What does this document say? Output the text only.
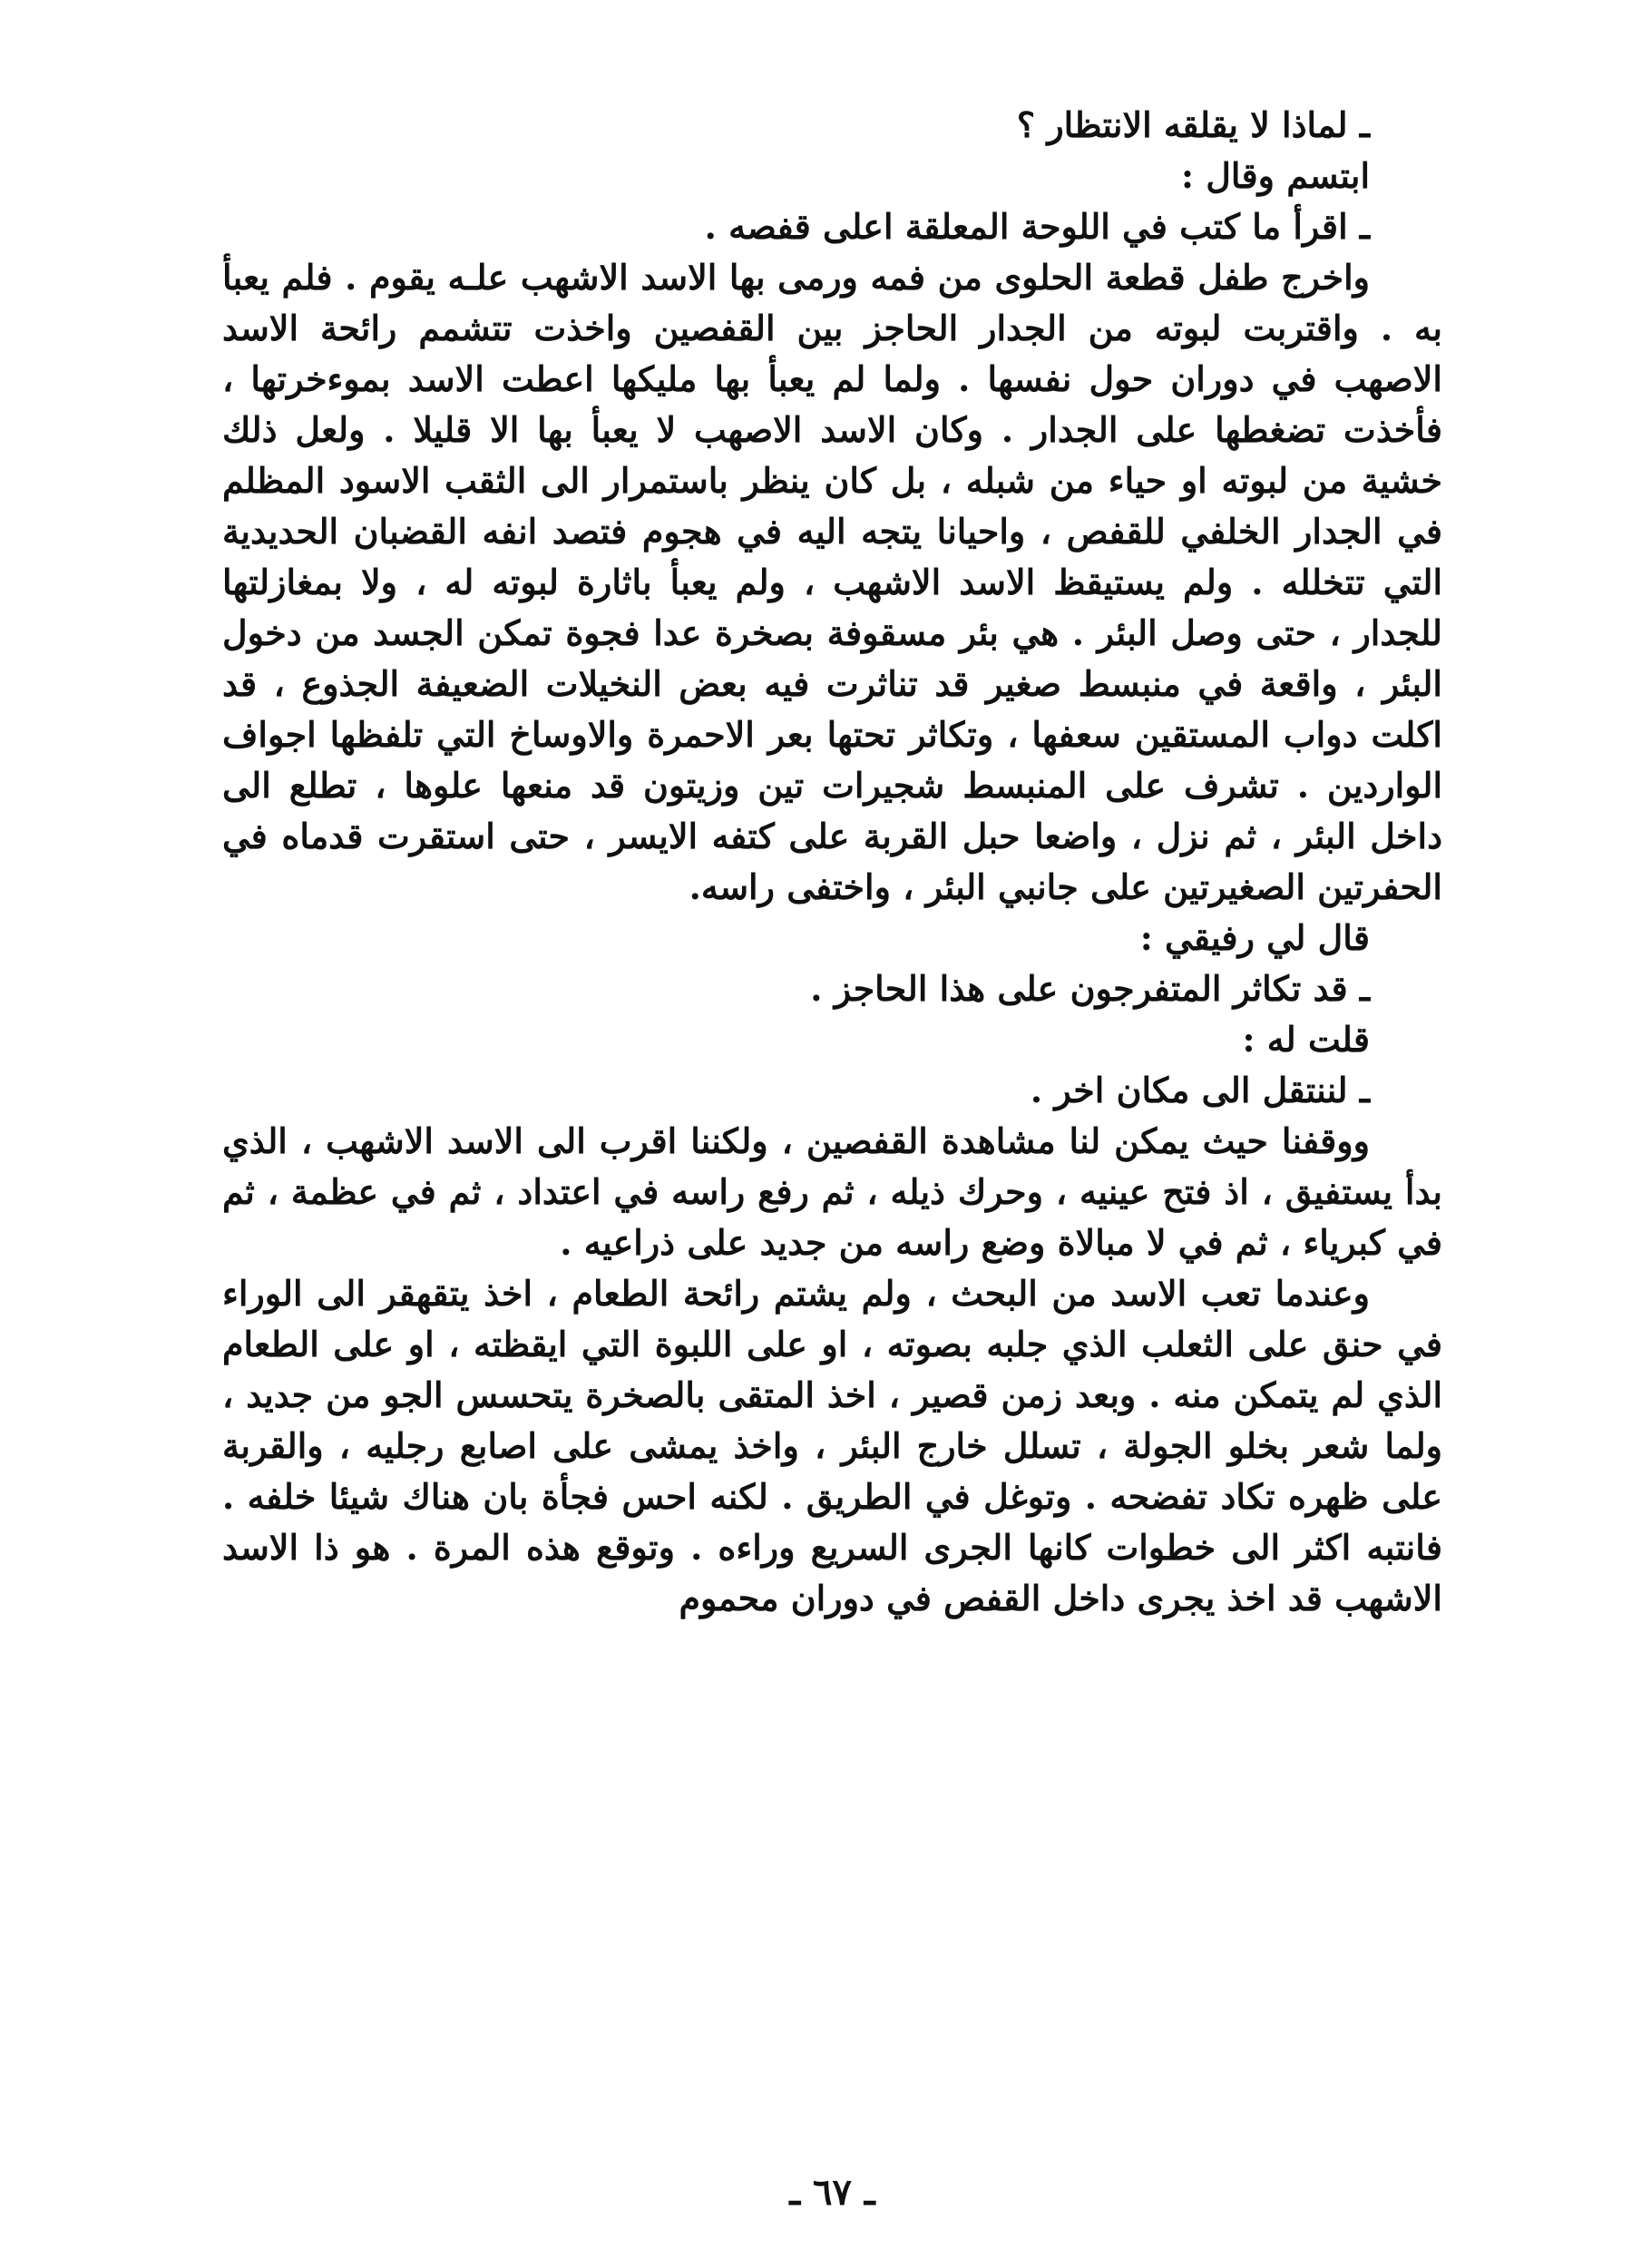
ـ لماذا لا يقلقه الانتظار ؟

ابتسم وقال :

ـ اقرأ ما كتب في اللوحة المعلقة اعلى قفصه .

واخرج طفل قطعة الحلوى من فمه ورمى بها الاسد الاشهب علـه يقوم . فلم يعبأ به . واقتربت لبوته من الجدار الحاجز بين القفصين واخذت تتشمم رائحة الاسد الاصهب في دوران حول نفسها . ولما لم يعبأ بها مليكها اعطت الاسد بموءخرتها ، فأخذت تضغطها على الجدار . وكان الاسد الاصهب لا يعبأ بها الا قليلا . ولعل ذلك خشية من لبوته او حياء من شبله ، بل كان ينظر باستمرار الى الثقب الاسود المظلم في الجدار الخلفي للقفص ، واحيانا يتجه اليه في هجوم فتصد انفه القضبان الحديدية التي تتخلله . ولم يستيقظ الاسد الاشهب ، ولم يعبأ باثارة لبوته له ، ولا بمغازلتها للجدار ، حتى وصل البئر . هي بئر مسقوفة بصخرة عدا فجوة تمكن الجسد من دخول البئر ، واقعة في منبسط صغير قد تناثرت فيه بعض النخيلات الضعيفة الجذوع ، قد اكلت دواب المستقين سعفها ، وتكاثر تحتها بعر الاحمرة والاوساخ التي تلفظها اجواف الواردين . تشرف على المنبسط شجيرات تين وزيتون قد منعها علوها ، تطلع الى داخل البئر ، ثم نزل ، واضعا حبل القربة على كتفه الايسر ، حتى استقرت قدماه في الحفرتين الصغيرتين على جانبي البئر ، واختفى راسه.

قال لي رفيقي :

ـ قد تكاثر المتفرجون على هذا الحاجز .

قلت له :

ـ لننتقل الى مكان اخر .

ووقفنا حيث يمكن لنا مشاهدة القفصين ، ولكننا اقرب الى الاسد الاشهب ، الذي بدأ يستفيق ، اذ فتح عينيه ، وحرك ذيله ، ثم رفع راسه في اعتداد ، ثم في عظمة ، ثم في كبرياء ، ثم في لا مبالاة وضع راسه من جديد على ذراعيه .

وعندما تعب الاسد من البحث ، ولم يشتم رائحة الطعام ، اخذ يتقهقر الى الوراء في حنق على الثعلب الذي جلبه بصوته ، او على اللبوة التي ايقظته ، او على الطعام الذي لم يتمكن منه . وبعد زمن قصير ، اخذ المتقى بالصخرة يتحسس الجو من جديد ، ولما شعر بخلو الجولة ، تسلل خارج البئر ، واخذ يمشى على اصابع رجليه ، والقربة على ظهره تكاد تفضحه . وتوغل في الطريق . لكنه احس فجأة بان هناك شيئا خلفه . فانتبه اكثر الى خطوات كانها الجرى السريع وراءه . وتوقع هذه المرة . هو ذا الاسد الاشهب قد اخذ يجرى داخل القفص في دوران محموم

ـ ٦٧ ـ
